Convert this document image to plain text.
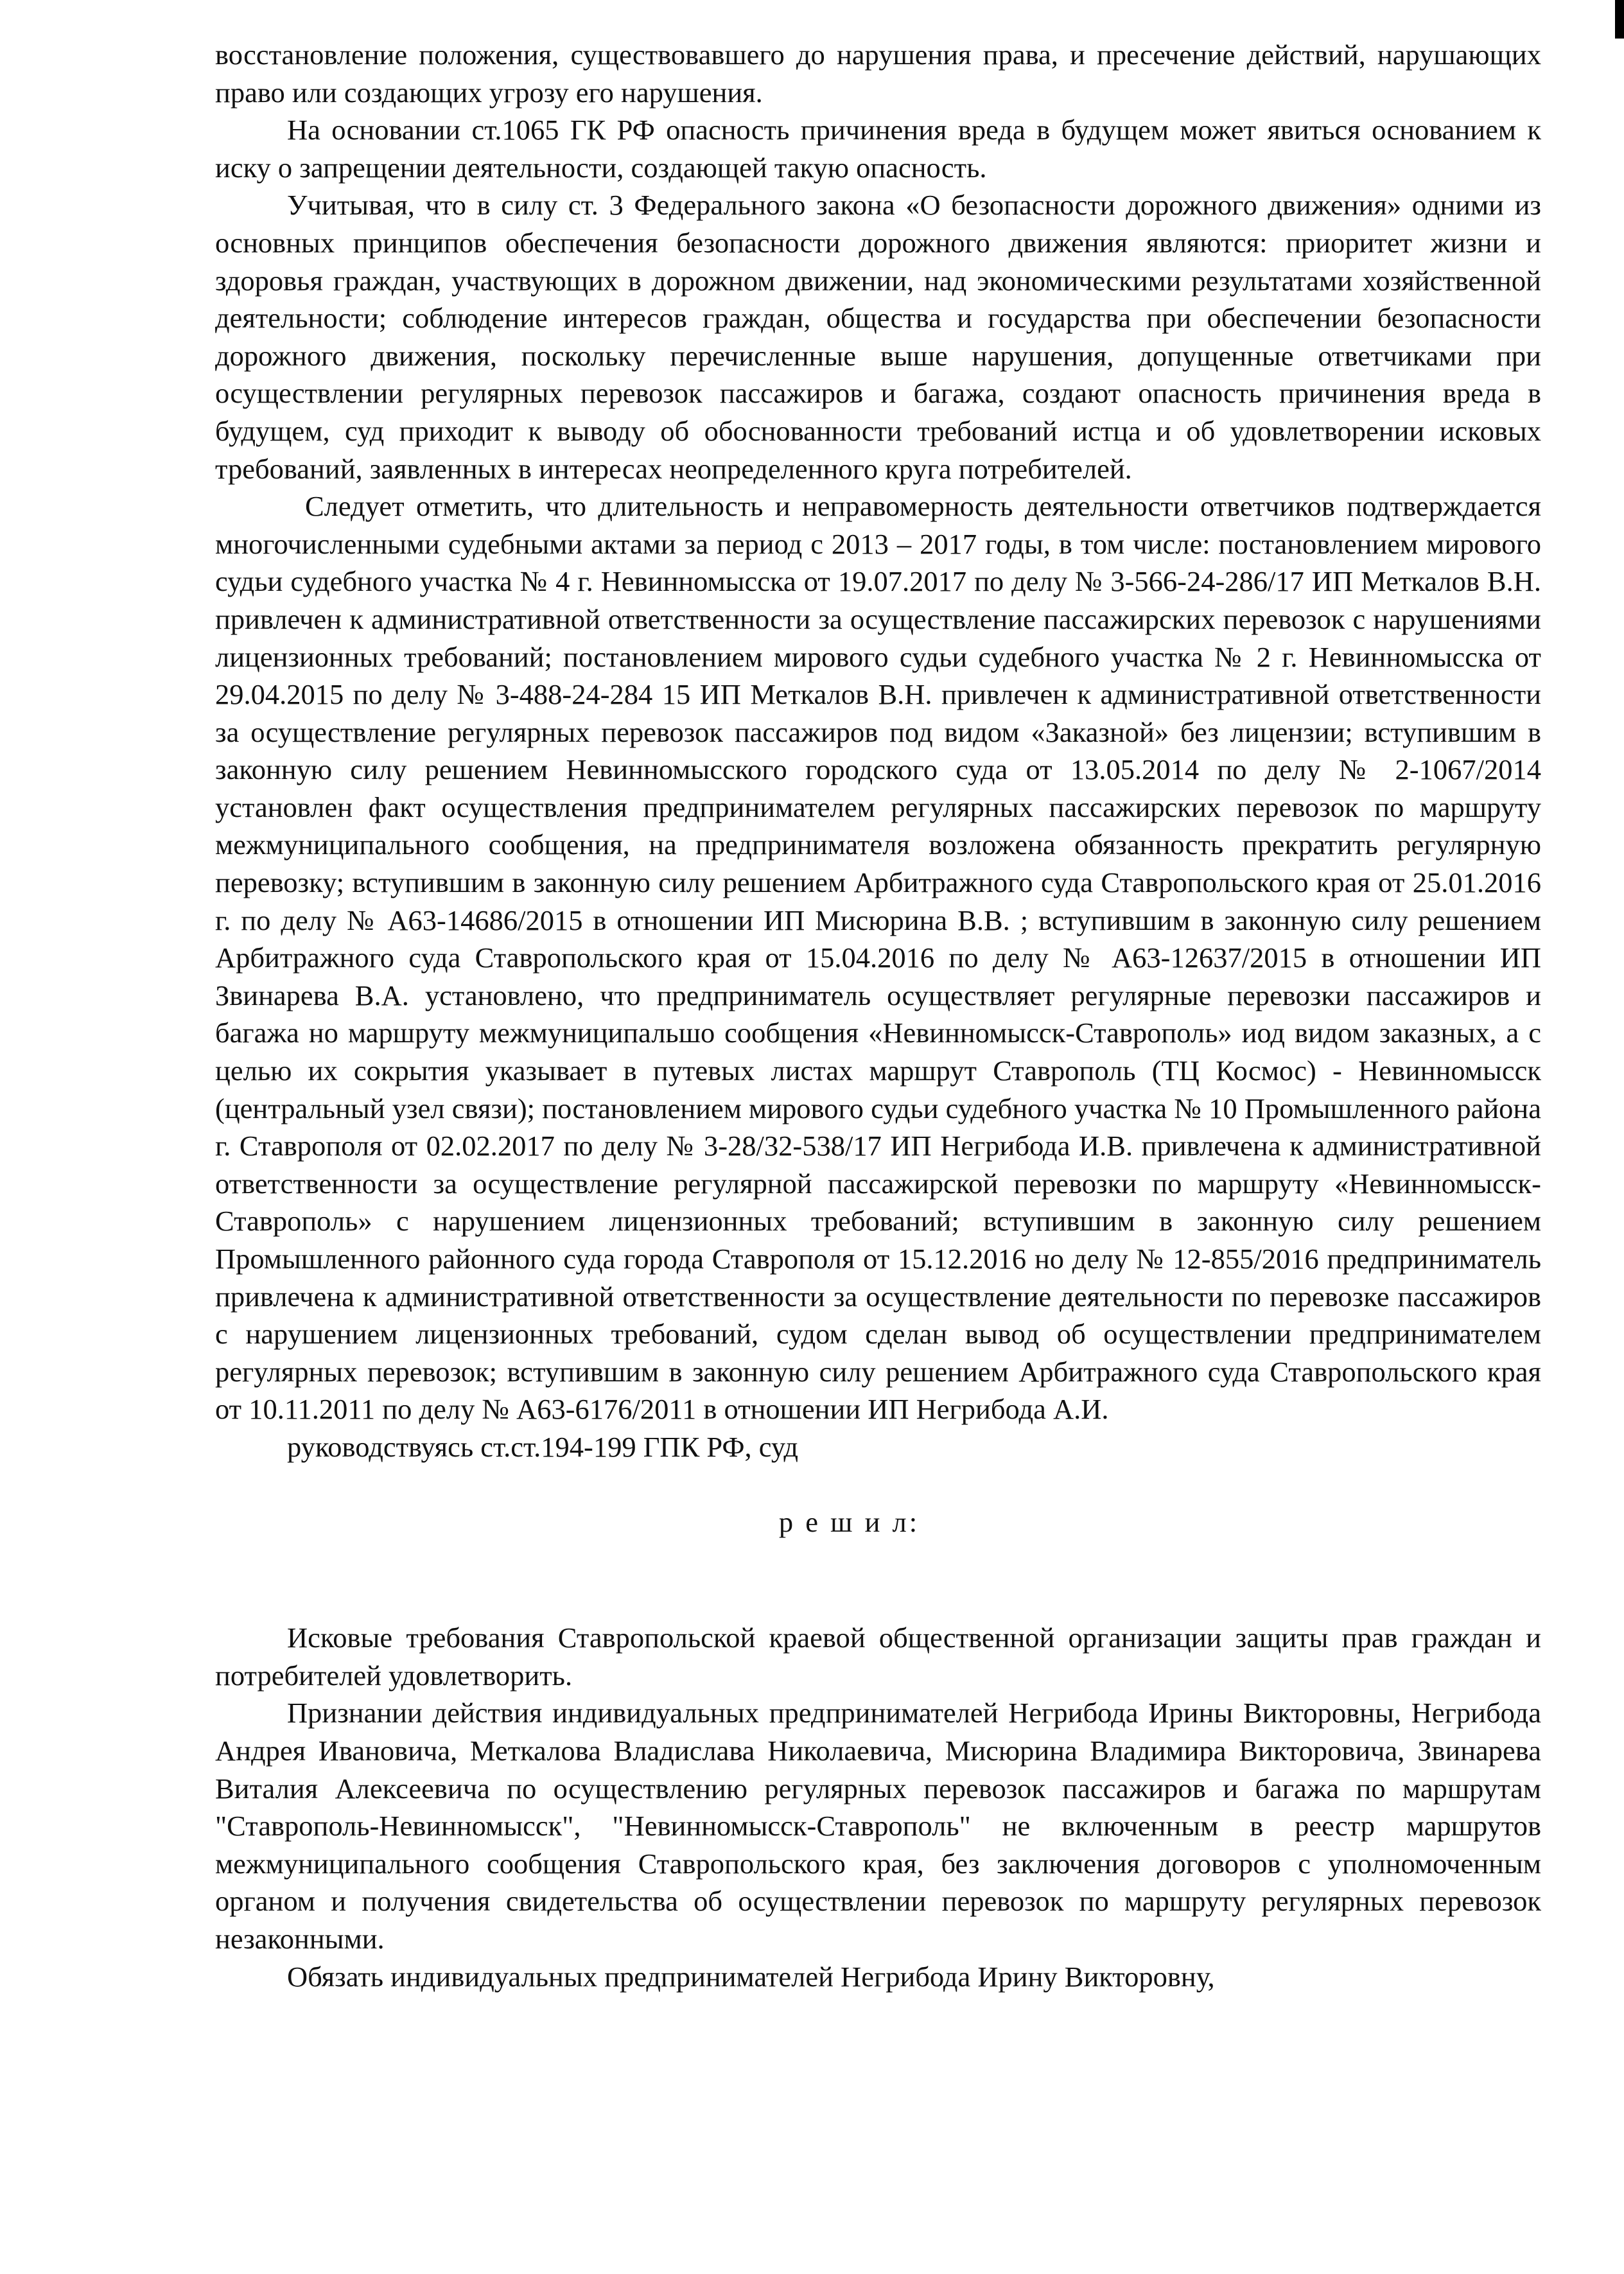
восстановление положения, существовавшего до нарушения права, и пресечение действий, нарушающих право или создающих угрозу его нарушения.

На основании ст.1065 ГК РФ опасность причинения вреда в будущем может явиться основанием к иску о запрещении деятельности, создающей такую опасность.

Учитывая, что в силу ст. 3 Федерального закона «О безопасности дорожного движения» одними из основных принципов обеспечения безопасности дорожного движения являются: приоритет жизни и здоровья граждан, участвующих в дорожном движении, над экономическими результатами хозяйственной деятельности; соблюдение интересов граждан, общества и государства при обеспечении безопасности дорожного движения, поскольку перечисленные выше нарушения, допущенные ответчиками при осуществлении регулярных перевозок пассажиров и багажа, создают опасность причинения вреда в будущем, суд приходит к выводу об обоснованности требований истца и об удовлетворении исковых требований, заявленных в интересах неопределенного круга потребителей.

Следует отметить, что длительность и неправомерность деятельности ответчиков подтверждается многочисленными судебными актами за период с 2013 – 2017 годы, в том числе: постановлением мирового судьи судебного участка № 4 г. Невинномысска от 19.07.2017 по делу № 3-566-24-286/17 ИП Меткалов В.Н. привлечен к административной ответственности за осуществление пассажирских перевозок с нарушениями лицензионных требований; постановлением мирового судьи судебного участка № 2 г. Невинномысска от 29.04.2015 по делу № 3-488-24-284 15 ИП Меткалов В.Н. привлечен к административной ответственности за осуществление регулярных перевозок пассажиров под видом «Заказной» без лицензии; вступившим в законную силу решением Невинномысского городского суда от 13.05.2014 по делу № 2-1067/2014 установлен факт осуществления предпринимателем регулярных пассажирских перевозок по маршруту межмуниципального сообщения, на предпринимателя возложена обязанность прекратить регулярную перевозку; вступившим в законную силу решением Арбитражного суда Ставропольского края от 25.01.2016 г. по делу № А63-14686/2015 в отношении ИП Мисюрина В.В. ; вступившим в законную силу решением Арбитражного суда Ставропольского края от 15.04.2016 по делу № А63-12637/2015 в отношении ИП Звинарева В.А. установлено, что предприниматель осуществляет регулярные перевозки пассажиров и багажа но маршруту межмуниципальшо сообщения «Невинномысск-Ставрополь» иод видом заказных, а с целью их сокрытия указывает в путевых листах маршрут Ставрополь (ТЦ Космос) - Невинномысск (центральный узел связи); постановлением мирового судьи судебного участка № 10 Промышленного района г. Ставрополя от 02.02.2017 по делу № 3-28/32-538/17 ИП Негрибода И.В. привлечена к административной ответственности за осуществление регулярной пассажирской перевозки по маршруту «Невинномысск-Ставрополь» с нарушением лицензионных требований; вступившим в законную силу решением Промышленного районного суда города Ставрополя от 15.12.2016 но делу № 12-855/2016 предприниматель привлечена к административной ответственности за осуществление деятельности по перевозке пассажиров с нарушением лицензионных требований, судом сделан вывод об осуществлении предпринимателем регулярных перевозок; вступившим в законную силу решением Арбитражного суда Ставропольского края от 10.11.2011 по делу № А63-6176/2011 в отношении ИП Негрибода А.И.

руководствуясь ст.ст.194-199 ГПК РФ, суд

р е ш и л:

Исковые требования Ставропольской краевой общественной организации защиты прав граждан и потребителей удовлетворить.

Признании действия индивидуальных предпринимателей Негрибода Ирины Викторовны, Негрибода Андрея Ивановича, Меткалова Владислава Николаевича, Мисюрина Владимира Викторовича, Звинарева Виталия Алексеевича по осуществлению регулярных перевозок пассажиров и багажа по маршрутам "Ставрополь-Невинномысск", "Невинномысск-Ставрополь" не включенным в реестр маршрутов межмуниципального сообщения Ставропольского края, без заключения договоров с уполномоченным органом и получения свидетельства об осуществлении перевозок по маршруту регулярных перевозок незаконными.

Обязать индивидуальных предпринимателей Негрибода Ирину Викторовну,
